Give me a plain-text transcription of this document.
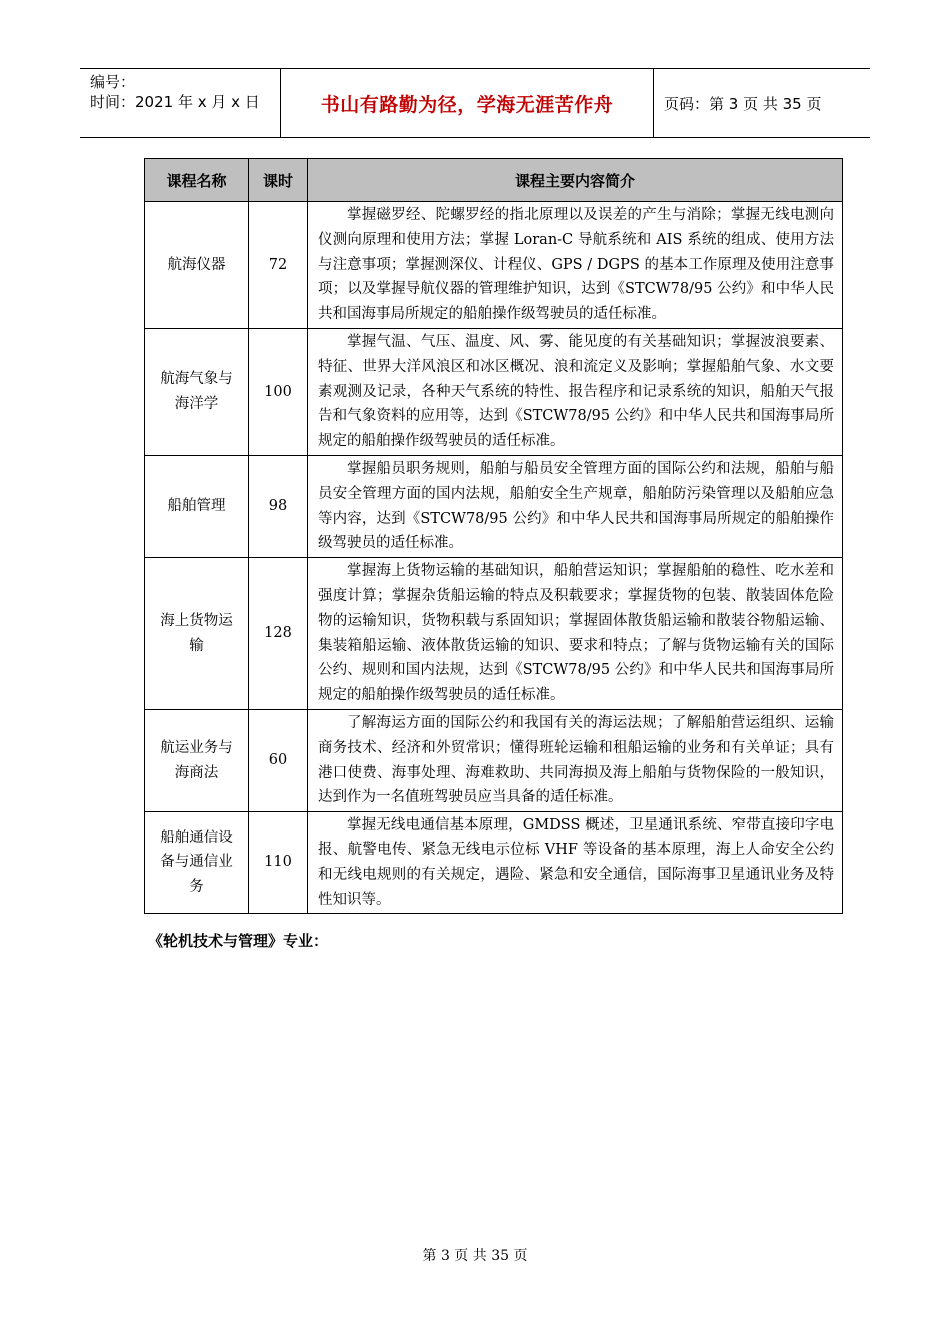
编号：
时间：2021 年 x 月 x 日	书山有路勤为径，学海无涯苦作舟	页码：第 3 页 共 35 页
课程名称	课时	课程主要内容简介
航海仪器	72	掌握磁罗经、陀螺罗经的指北原理以及误差的产生与消除；掌握无线电测向仪测向原理和使用方法；掌握 Loran-C 导航系统和 AIS 系统的组成、使用方法与注意事项；掌握测深仪、计程仪、GPS / DGPS 的基本工作原理及使用注意事项；以及掌握导航仪器的管理维护知识，达到《STCW78/95 公约》和中华人民共和国海事局所规定的船舶操作级驾驶员的适任标准。
航海气象与海洋学	100	掌握气温、气压、温度、风、雾、能见度的有关基础知识；掌握波浪要素、特征、世界大洋风浪区和冰区概况、浪和流定义及影响；掌握船舶气象、水文要素观测及记录，各种天气系统的特性、报告程序和记录系统的知识，船舶天气报告和气象资料的应用等，达到《STCW78/95 公约》和中华人民共和国海事局所规定的船舶操作级驾驶员的适任标准。
船舶管理	98	掌握船员职务规则，船舶与船员安全管理方面的国际公约和法规，船舶与船员安全管理方面的国内法规，船舶安全生产规章，船舶防污染管理以及船舶应急等内容，达到《STCW78/95 公约》和中华人民共和国海事局所规定的船舶操作级驾驶员的适任标准。
海上货物运输	128	掌握海上货物运输的基础知识，船舶营运知识；掌握船舶的稳性、吃水差和强度计算；掌握杂货船运输的特点及积载要求；掌握货物的包装、散装固体危险物的运输知识，货物积载与系固知识；掌握固体散货船运输和散装谷物船运输、集装箱船运输、液体散货运输的知识、要求和特点；了解与货物运输有关的国际公约、规则和国内法规，达到《STCW78/95 公约》和中华人民共和国海事局所规定的船舶操作级驾驶员的适任标准。
航运业务与海商法	60	了解海运方面的国际公约和我国有关的海运法规；了解船舶营运组织、运输商务技术、经济和外贸常识；懂得班轮运输和租船运输的业务和有关单证；具有港口使费、海事处理、海难救助、共同海损及海上船舶与货物保险的一般知识，达到作为一名值班驾驶员应当具备的适任标准。
船舶通信设备与通信业务	110	掌握无线电通信基本原理，GMDSS 概述，卫星通讯系统、窄带直接印字电报、航警电传、紧急无线电示位标 VHF 等设备的基本原理，海上人命安全公约和无线电规则的有关规定，遇险、紧急和安全通信，国际海事卫星通讯业务及特性知识等。
《轮机技术与管理》专业：
第 3 页 共 35 页
